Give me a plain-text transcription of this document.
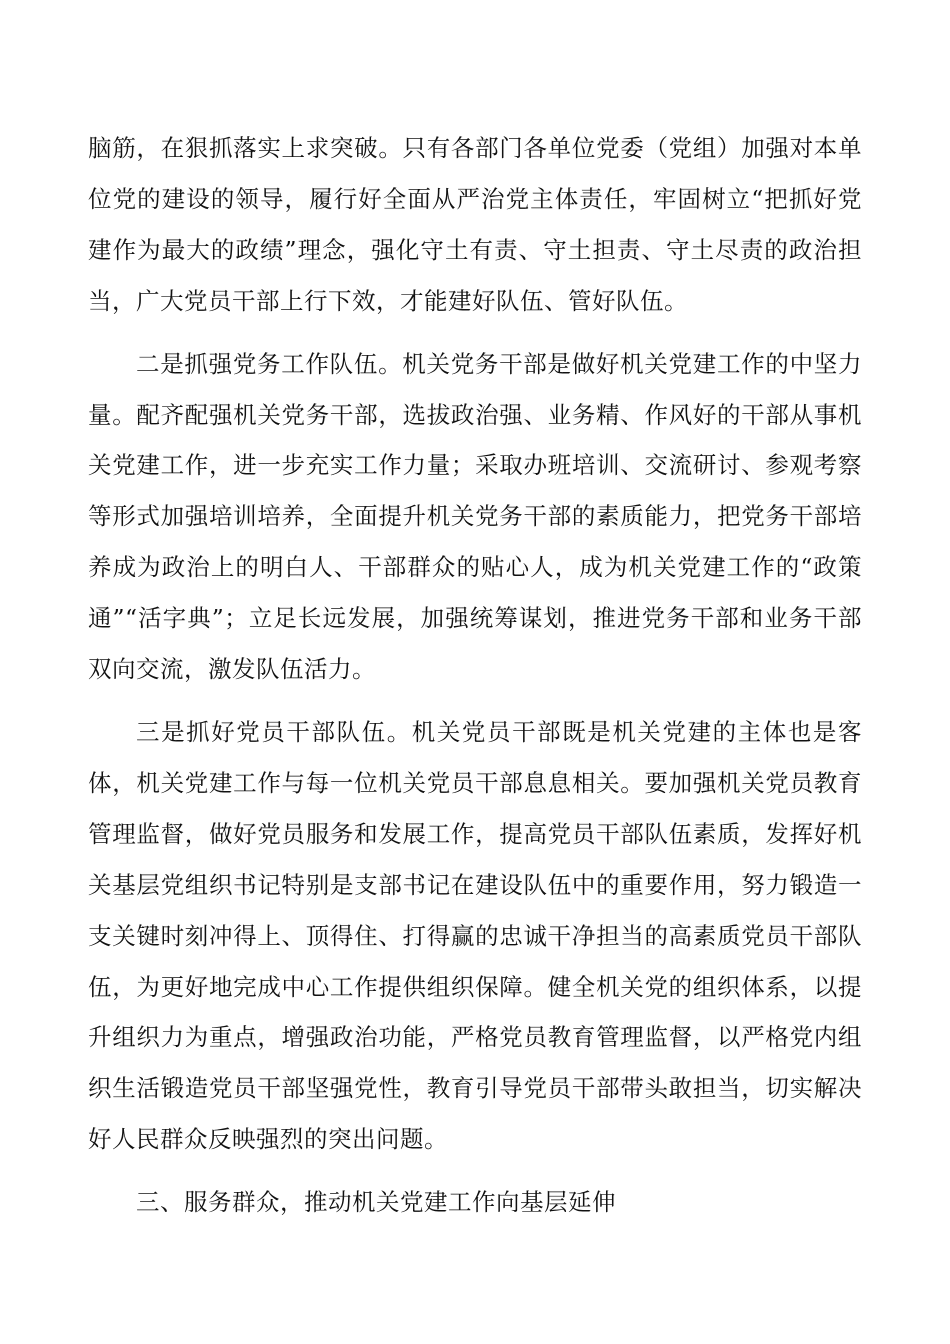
脑筋，在狠抓落实上求突破。只有各部门各单位党委（党组）加强对本单位党的建设的领导，履行好全面从严治党主体责任，牢固树立“把抓好党建作为最大的政绩”理念，强化守土有责、守土担责、守土尽责的政治担当，广大党员干部上行下效，才能建好队伍、管好队伍。

二是抓强党务工作队伍。机关党务干部是做好机关党建工作的中坚力量。配齐配强机关党务干部，选拔政治强、业务精、作风好的干部从事机关党建工作，进一步充实工作力量；采取办班培训、交流研讨、参观考察等形式加强培训培养，全面提升机关党务干部的素质能力，把党务干部培养成为政治上的明白人、干部群众的贴心人，成为机关党建工作的“政策通”“活字典”；立足长远发展，加强统筹谋划，推进党务干部和业务干部双向交流，激发队伍活力。

三是抓好党员干部队伍。机关党员干部既是机关党建的主体也是客体，机关党建工作与每一位机关党员干部息息相关。要加强机关党员教育管理监督，做好党员服务和发展工作，提高党员干部队伍素质，发挥好机关基层党组织书记特别是支部书记在建设队伍中的重要作用，努力锻造一支关键时刻冲得上、顶得住、打得赢的忠诚干净担当的高素质党员干部队伍，为更好地完成中心工作提供组织保障。健全机关党的组织体系，以提升组织力为重点，增强政治功能，严格党员教育管理监督，以严格党内组织生活锻造党员干部坚强党性，教育引导党员干部带头敢担当，切实解决好人民群众反映强烈的突出问题。

三、服务群众，推动机关党建工作向基层延伸
